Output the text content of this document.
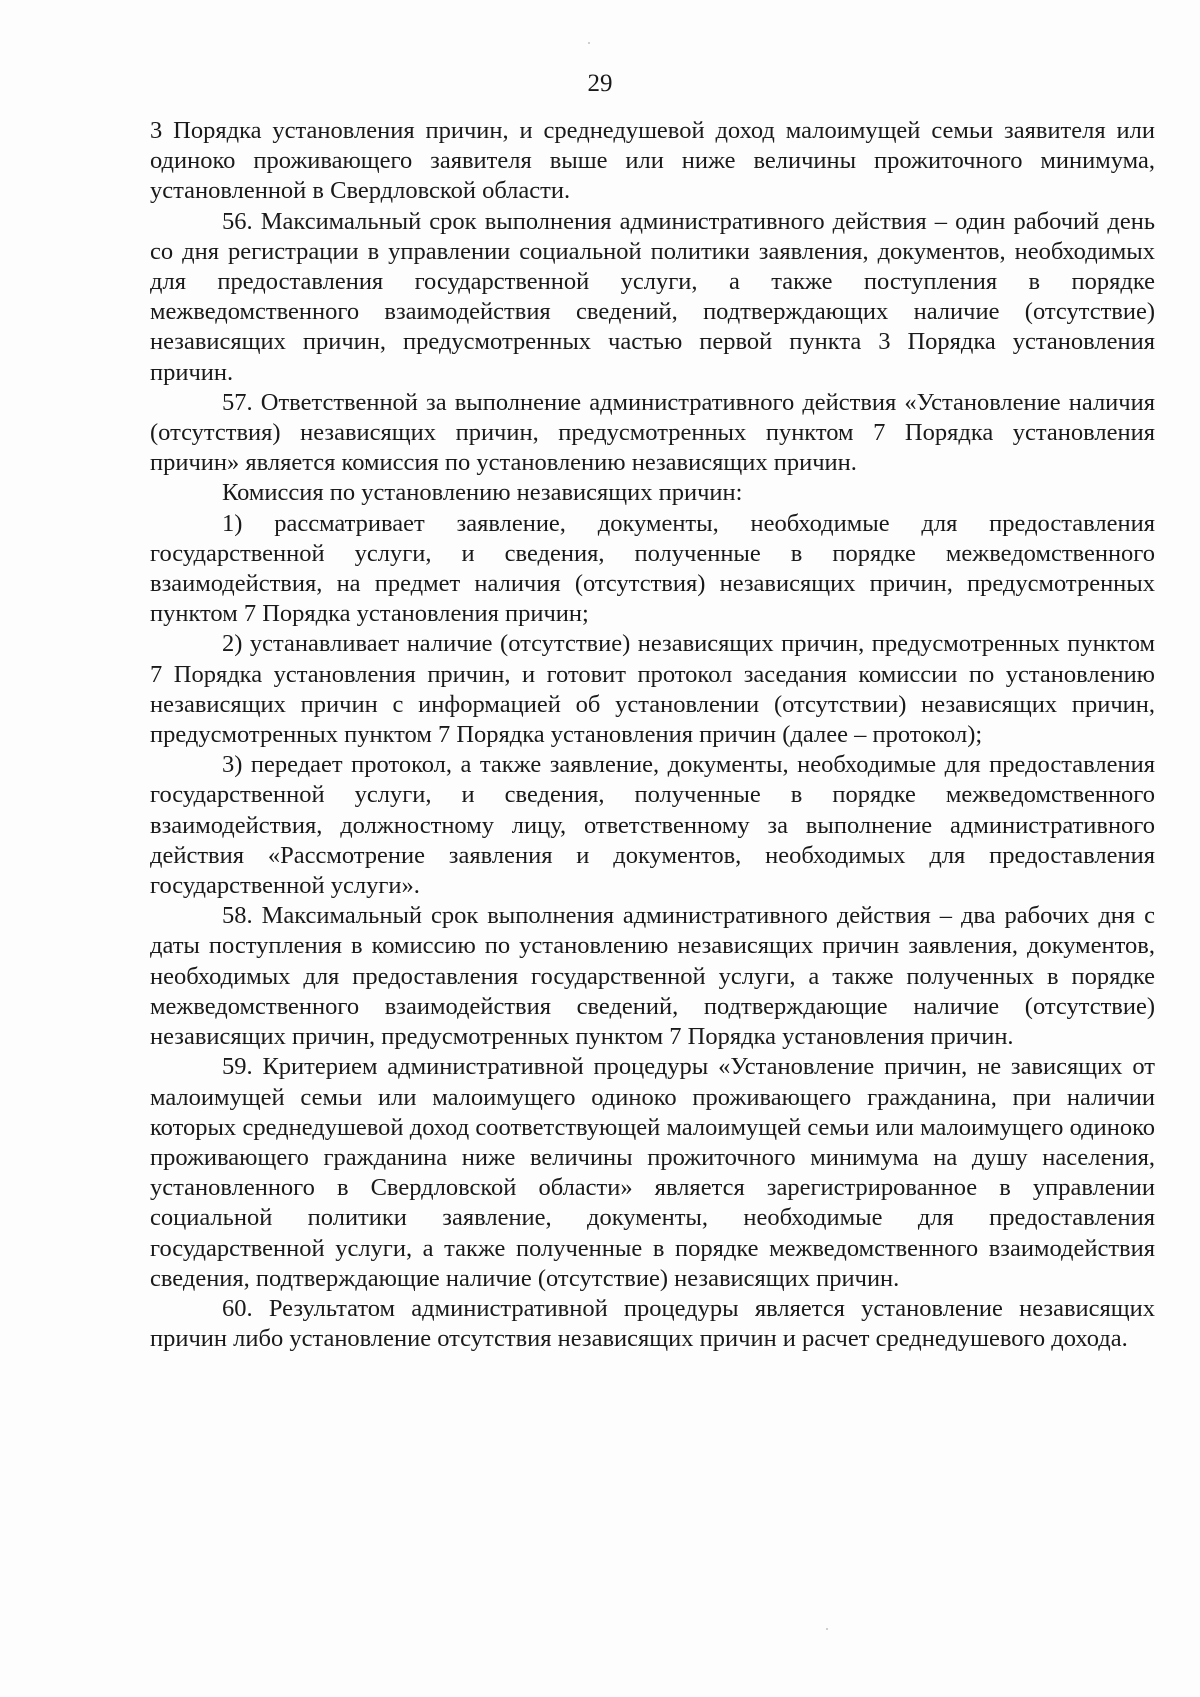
29

3 Порядка установления причин, и среднедушевой доход малоимущей семьи заявителя или одиноко проживающего заявителя выше или ниже величины прожиточного минимума, установленной в Свердловской области.

56. Максимальный срок выполнения административного действия – один рабочий день со дня регистрации в управлении социальной политики заявления, документов, необходимых для предоставления государственной услуги, а также поступления в порядке межведомственного взаимодействия сведений, подтверждающих наличие (отсутствие) независящих причин, предусмотренных частью первой пункта 3 Порядка установления причин.

57. Ответственной за выполнение административного действия «Установление наличия (отсутствия) независящих причин, предусмотренных пунктом 7 Порядка установления причин» является комиссия по установлению независящих причин.

Комиссия по установлению независящих причин:

1) рассматривает заявление, документы, необходимые для предоставления государственной услуги, и сведения, полученные в порядке межведомственного взаимодействия, на предмет наличия (отсутствия) независящих причин, предусмотренных пунктом 7 Порядка установления причин;

2) устанавливает наличие (отсутствие) независящих причин, предусмотренных пунктом 7 Порядка установления причин, и готовит протокол заседания комиссии по установлению независящих причин с информацией об установлении (отсутствии) независящих причин, предусмотренных пунктом 7 Порядка установления причин (далее – протокол);

3) передает протокол, а также заявление, документы, необходимые для предоставления государственной услуги, и сведения, полученные в порядке межведомственного взаимодействия, должностному лицу, ответственному за выполнение административного действия «Рассмотрение заявления и документов, необходимых для предоставления государственной услуги».

58. Максимальный срок выполнения административного действия – два рабочих дня с даты поступления в комиссию по установлению независящих причин заявления, документов, необходимых для предоставления государственной услуги, а также полученных в порядке межведомственного взаимодействия сведений, подтверждающие наличие (отсутствие) независящих причин, предусмотренных пунктом 7 Порядка установления причин.

59. Критерием административной процедуры «Установление причин, не зависящих от малоимущей семьи или малоимущего одиноко проживающего гражданина, при наличии которых среднедушевой доход соответствующей малоимущей семьи или малоимущего одиноко проживающего гражданина ниже величины прожиточного минимума на душу населения, установленного в Свердловской области» является зарегистрированное в управлении социальной политики заявление, документы, необходимые для предоставления государственной услуги, а также полученные в порядке межведомственного взаимодействия сведения, подтверждающие наличие (отсутствие) независящих причин.

60. Результатом административной процедуры является установление независящих причин либо установление отсутствия независящих причин и расчет среднедушевого дохода.
